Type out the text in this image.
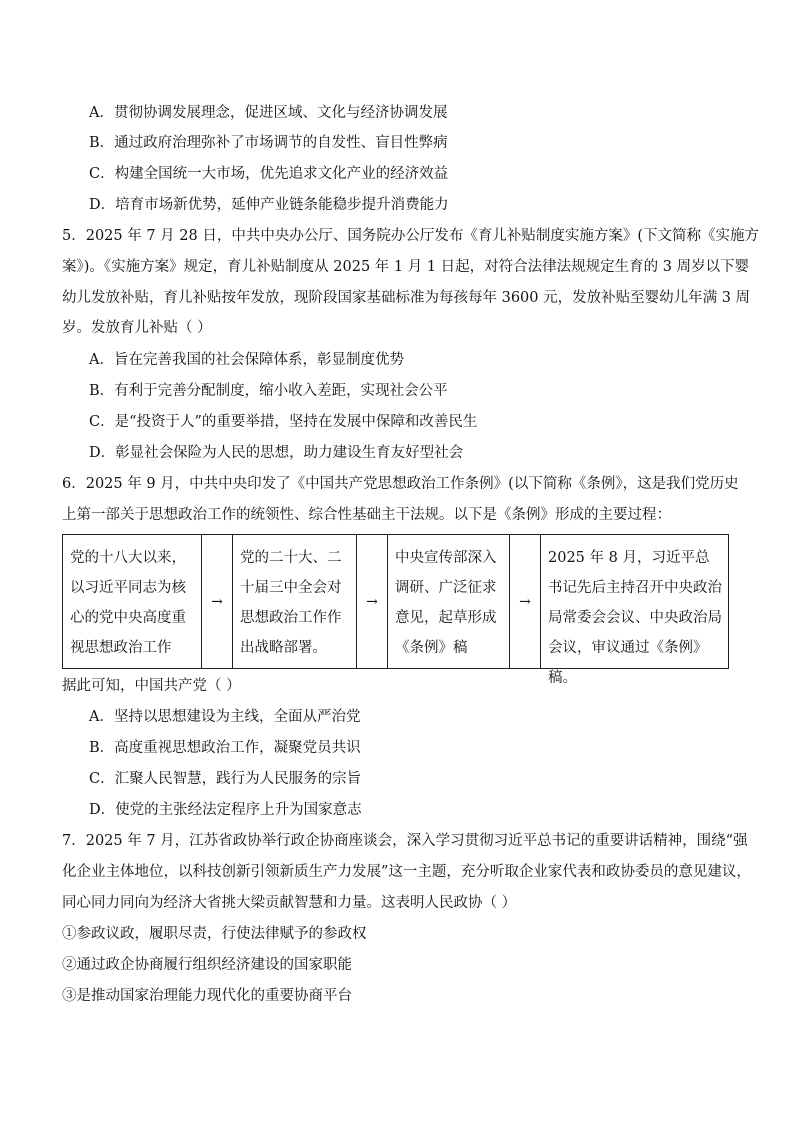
A．贯彻协调发展理念，促进区域、文化与经济协调发展
B．通过政府治理弥补了市场调节的自发性、盲目性弊病
C．构建全国统一大市场，优先追求文化产业的经济效益
D．培育市场新优势，延伸产业链条能稳步提升消费能力
5．2025 年 7 月 28 日，中共中央办公厅、国务院办公厅发布《育儿补贴制度实施方案》(下文简称《实施方
案》)。《实施方案》规定，育儿补贴制度从 2025 年 1 月 1 日起，对符合法律法规规定生育的 3 周岁以下婴
幼儿发放补贴，育儿补贴按年发放，现阶段国家基础标准为每孩每年 3600 元，发放补贴至婴幼儿年满 3 周
岁。发放育儿补贴（ ）
A．旨在完善我国的社会保障体系，彰显制度优势
B．有利于完善分配制度，缩小收入差距，实现社会公平
C．是“投资于人”的重要举措，坚持在发展中保障和改善民生
D．彰显社会保险为人民的思想，助力建设生育友好型社会
6．2025 年 9 月，中共中央印发了《中国共产党思想政治工作条例》(以下简称《条例》，这是我们党历史
上第一部关于思想政治工作的统领性、综合性基础主干法规。以下是《条例》形成的主要过程：
党的十八大以来，以习近平同志为核心的党中央高度重视思想政治工作
→
党的二十大、二十届三中全会对思想政治工作作出战略部署。
→
中央宣传部深入调研、广泛征求意见，起草形成《条例》稿
→
2025 年 8 月，习近平总书记先后主持召开中央政治局常委会会议、中央政治局会议，审议通过《条例》稿。
据此可知，中国共产党（ ）
A．坚持以思想建设为主线，全面从严治党
B．高度重视思想政治工作，凝聚党员共识
C．汇聚人民智慧，践行为人民服务的宗旨
D．使党的主张经法定程序上升为国家意志
7．2025 年 7 月，江苏省政协举行政企协商座谈会，深入学习贯彻习近平总书记的重要讲话精神，围绕“强
化企业主体地位，以科技创新引领新质生产力发展”这一主题，充分听取企业家代表和政协委员的意见建议，
同心同力同向为经济大省挑大梁贡献智慧和力量。这表明人民政协（ ）
①参政议政，履职尽责，行使法律赋予的参政权
②通过政企协商履行组织经济建设的国家职能
③是推动国家治理能力现代化的重要协商平台
